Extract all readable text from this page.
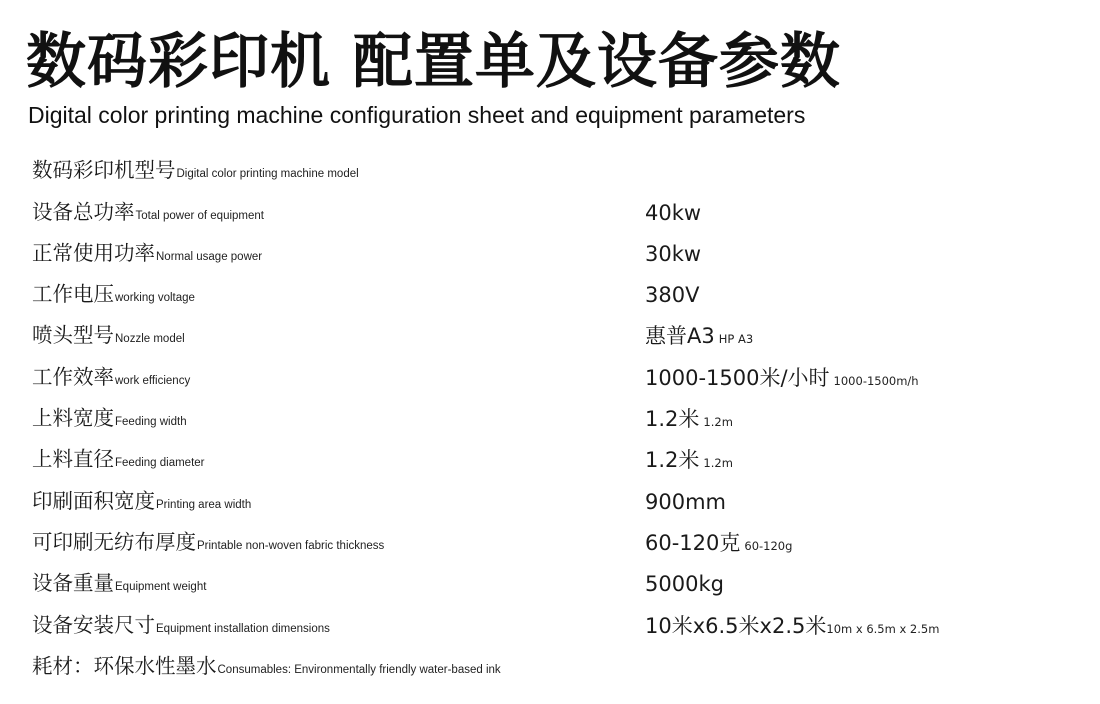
数码彩印机 配置单及设备参数
Digital color printing machine configuration sheet and equipment parameters
数码彩印机型号Digital color printing machine model
设备总功率Total power of equipment	40kw
正常使用功率Normal usage power	30kw
工作电压working voltage	380V
喷头型号Nozzle model	惠普A3 HP A3
工作效率work efficiency	1000-1500米/小时 1000-1500m/h
上料宽度Feeding width	1.2米 1.2m
上料直径Feeding diameter	1.2米 1.2m
印刷面积宽度Printing area width	900mm
可印刷无纺布厚度Printable non-woven fabric thickness	60-120克 60-120g
设备重量Equipment weight	5000kg
设备安装尺寸Equipment installation dimensions	10米x6.5米x2.5米10m x 6.5m x 2.5m
耗材：环保水性墨水Consumables: Environmentally friendly water-based ink
